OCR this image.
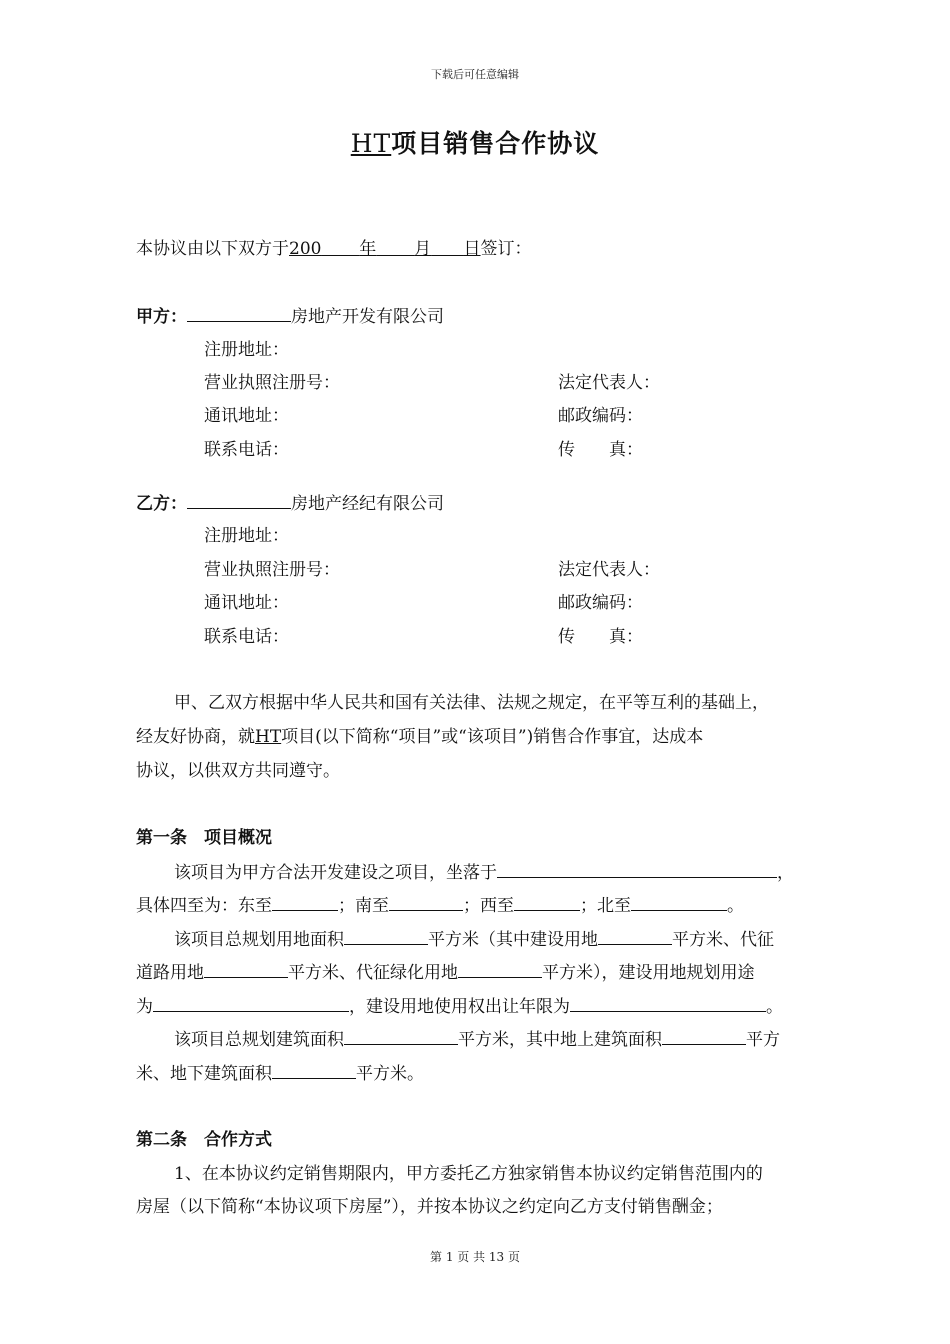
下载后可任意编辑
HT项目销售合作协议
本协议由以下双方于200 年 月 日签订：
甲方：	房地产开发有限公司
注册地址：
营业执照注册号：	法定代表人：
通讯地址：	邮政编码：
联系电话：	传　　真：
乙方：	房地产经纪有限公司
注册地址：
营业执照注册号：	法定代表人：
通讯地址：	邮政编码：
联系电话：	传　　真：
甲、乙双方根据中华人民共和国有关法律、法规之规定，在平等互利的基础上，
经友好协商，就HT项目(以下简称“项目”或“该项目”)销售合作事宜，达成本
协议，以供双方共同遵守。
第一条　项目概况
该项目为甲方合法开发建设之项目，坐落于	，
具体四至为：东至	；南至	；西至	；北至	。
该项目总规划用地面积	平方米（其中建设用地	平方米、代征
道路用地	平方米、代征绿化用地	平方米），建设用地规划用途
为	，建设用地使用权出让年限为	。
该项目总规划建筑面积	平方米，其中地上建筑面积	平方
米、地下建筑面积	平方米。
第二条　合作方式
1、在本协议约定销售期限内，甲方委托乙方独家销售本协议约定销售范围内的
房屋（以下简称“本协议项下房屋”），并按本协议之约定向乙方支付销售酬金；
第 1 页 共 13 页
